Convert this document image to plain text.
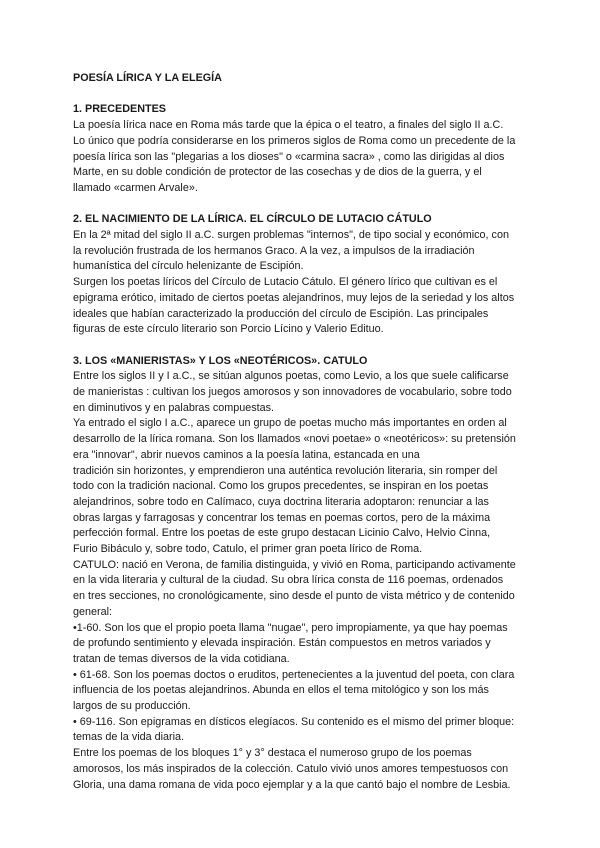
POESÍA LÍRICA Y LA ELEGÍA
1. PRECEDENTES
La poesía lírica nace en Roma más tarde que la épica o el teatro, a finales del siglo II a.C.
Lo único que podría considerarse en los primeros siglos de Roma como un precedente de la
poesía lírica son las "plegarias a los dioses" o «carmina sacra» , como las dirigidas al dios
Marte, en su doble condición de protector de las cosechas y de dios de la guerra, y el
llamado «carmen Arvale».
2. EL NACIMIENTO DE LA LÍRICA. EL CÍRCULO DE LUTACIO CÁTULO
En la 2ª mitad del siglo II a.C. surgen problemas "internos", de tipo social y económico, con
la revolución frustrada de los hermanos Graco. A la vez, a impulsos de la irradiación
humanística del círculo helenizante de Escipión.
Surgen los poetas líricos del Círculo de Lutacio Cátulo. El género lírico que cultivan es el
epigrama erótico, imitado de ciertos poetas alejandrinos, muy lejos de la seriedad y los altos
ideales que habían caracterizado la producción del círculo de Escipión. Las principales
figuras de este círculo literario son Porcio Lícino y Valerio Edituo.
3. LOS «MANIERISTAS» Y LOS «NEOTÉRICOS». CATULO
Entre los siglos II y I a.C., se sitúan algunos poetas, como Levio, a los que suele calificarse
de manieristas : cultivan los juegos amorosos y son innovadores de vocabulario, sobre todo
en diminutivos y en palabras compuestas.
Ya entrado el siglo I a.C., aparece un grupo de poetas mucho más importantes en orden al
desarrollo de la lírica romana. Son los llamados «novi poetae» o «neotéricos»: su pretensión
era "innovar", abrir nuevos caminos a la poesía latina, estancada en una
tradición sin horizontes, y emprendieron una auténtica revolución literaria, sin romper del
todo con la tradición nacional. Como los grupos precedentes, se inspiran en los poetas
alejandrinos, sobre todo en Calímaco, cuya doctrina literaria adoptaron: renunciar a las
obras largas y farragosas y concentrar los temas en poemas cortos, pero de la máxima
perfección formal. Entre los poetas de este grupo destacan Licinio Calvo, Helvio Cinna,
Furio Bibáculo y, sobre todo, Catulo, el primer gran poeta lírico de Roma.
CATULO: nació en Verona, de familia distinguida, y vivió en Roma, participando activamente
en la vida literaria y cultural de la ciudad. Su obra lírica consta de 116 poemas, ordenados
en tres secciones, no cronológicamente, sino desde el punto de vista métrico y de contenido
general:
•1-60. Son los que el propio poeta llama "nugae", pero impropiamente, ya que hay poemas
de profundo sentimiento y elevada inspiración. Están compuestos en metros variados y
tratan de temas diversos de la vida cotidiana.
• 61-68. Son los poemas doctos o eruditos, pertenecientes a la juventud del poeta, con clara
influencia de los poetas alejandrinos. Abunda en ellos el tema mitológico y son los más
largos de su producción.
• 69-116. Son epigramas en dísticos elegíacos. Su contenido es el mismo del primer bloque:
temas de la vida diaria.
Entre los poemas de los bloques 1° y 3° destaca el numeroso grupo de los poemas
amorosos, los más inspirados de la colección. Catulo vivió unos amores tempestuosos con
Gloria, una dama romana de vida poco ejemplar y a la que cantó bajo el nombre de Lesbia.
